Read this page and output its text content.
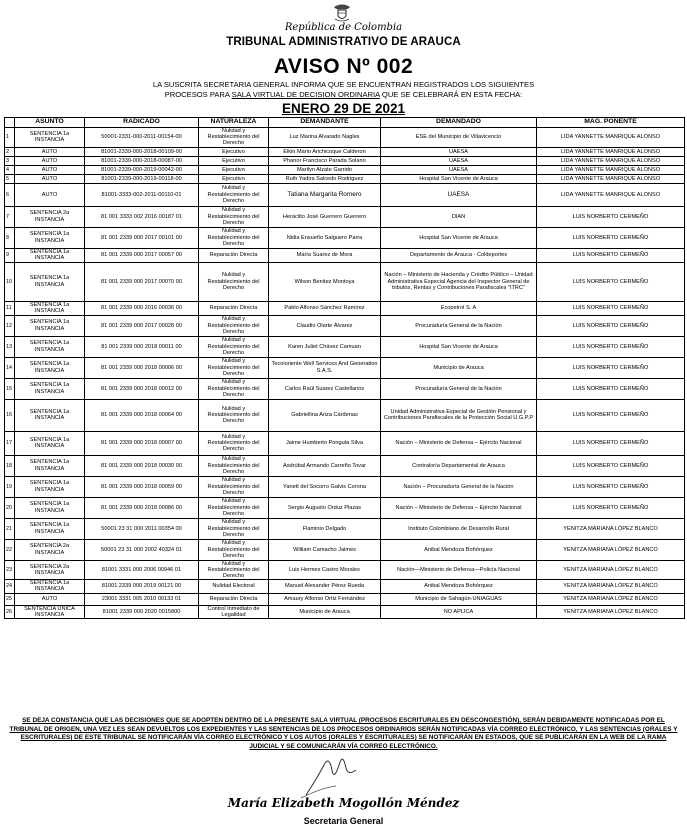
República de Colombia
TRIBUNAL ADMINISTRATIVO DE ARAUCA
AVISO Nº 002
LA SUSCRITA SECRETARIA GENERAL INFORMA QUE SE ENCUENTRAN REGISTRADOS LOS SIGUIENTES
PROCESOS PARA SALA VIRTUAL DE DECISION ORDINARIA QUE SE CELEBRARÁ EN ESTA FECHA:
ENERO 29 DE 2021
	ASUNTO	RADICADO	NATURALEZA	DEMANDANTE	DEMANDADO	MAG. PONENTE
1	SENTENCIA 1a INSTANCIA	50001-2331-000-2011-00154-00	Nulidad y Restablecimiento del Derecho	Luz Marina Alvarado Nagles	ESE del Municipio de Villavicencio	LIDA YANNETTE MANRIQUE ALONSO
2	AUTO	81001-2339-000-2018-00109-00	Ejecutivo	Elkin Mario Anchicoque Calderon	UAESA	LIDA YANNETTE MANRIQUE ALONSO
3	AUTO	81001-2339-000-2018-00087-00	Ejecutivo	Phanor Francisco Parada Solano	UAESA	LIDA YANNETTE MANRIQUE ALONSO
4	AUTO	81001-2339-000-2019-00042-00	Ejecutivo	Marilyn Alzate Garrido	UAESA	LIDA YANNETTE MANRIQUE ALONSO
5	AUTO	81001-2339-000-2019-00118-00	Ejecutivo	Ruth Yadira Salcedo Rodriguez	Hospital San Vicente de Arauca	LIDA YANNETTE MANRIQUE ALONSO
6	AUTO	81001-3333-002-2011-00110-01	Nulidad y Restablecimiento del Derecho	Tatiana Margarita Romero	UAESA	LIDA YANNETTE MANRIQUE ALONSO
7	SENTENCIA 2a INSTANCIA	81 001 3333 002 2016 00187 01	Nulidad y Restablecimiento del Derecho	Heráclito José Guerrero Guerrero	DIAN	LUIS NORBERTO CERMEÑO
8	SENTENCIA 1a INSTANCIA	81 001 2339 000 2017 00101 00	Nulidad y Restablecimiento del Derecho	Nidia Ensueño Salguero Parra	Hospital San Vicente de Arauca	LUIS NORBERTO CERMEÑO
9	SENTENCIA 1a INSTANCIA	81 001 2339 000 2017 00057 00	Reparación Directa	María Suarez de Mora	Departamento de Arauca - Coldeportes	LUIS NORBERTO CERMEÑO
10	SENTENCIA 1a INSTANCIA	81 001 2339 000 2017 00070 00	Nulidad y Restablecimiento del Derecho	Wilson Benitez Montoya	Nación – Ministerio de Hacienda y Crédito Público – Unidad Administrativa Especial Agencia del Inspector General de tributos, Rentas y Contribuciones Parafiscales "ITRC"	LUIS NORBERTO CERMEÑO
11	SENTENCIA 1a INSTANCIA	81 001 2339 000 2016 00036 00	Reparación Directa	Pablo Alfonso Sánchez Ramírez	Ecopetrol S. A	LUIS NORBERTO CERMEÑO
12	SENTENCIA 1a INSTANCIA	81 001 2339 000 2017 00028 00	Nulidad y Restablecimiento del Derecho	Claudio Olarte Álvarez	Procuraduría General de la Nación	LUIS NORBERTO CERMEÑO
13	SENTENCIA 1a INSTANCIA	81 001 2339 000 2018 00011 00	Nulidad y Restablecimiento del Derecho	Karen Juliet Chávez Camuan	Hospital San Vicente de Arauca	LUIS NORBERTO CERMEÑO
14	SENTENCIA 1a INSTANCIA	81 001 2339 000 2018 00006 00	Nulidad y Restablecimiento del Derecho	Tecnioriente Well Services And Generation S.A.S.	Municipio de Arauca	LUIS NORBERTO CERMEÑO
15	SENTENCIA 1a INSTANCIA	81 001 2339 000 2018 00012 00	Nulidad y Restablecimiento del Derecho	Carlos Raúl Suarez Castellanos	Procuraduría General de la Nación	LUIS NORBERTO CERMEÑO
16	SENTENCIA 1a INSTANCIA	81 001 2339 000 2018 00064 00	Nulidad y Restablecimiento del Derecho	Gabriellina Ariza Cárdenas	Unidad Administrativa Especial de Gestión Pensional y Contribuciones Parafiscales de la Protección Social U.G.P.P	LUIS NORBERTO CERMEÑO
17	SENTENCIA 1a INSTANCIA	81 001 2339 000 2018 00007 00	Nulidad y Restablecimiento del Derecho	Jaime Humberto Ponguta Silva	Nación – Ministerio de Defensa – Ejército Nacional	LUIS NORBERTO CERMEÑO
18	SENTENCIA 1a INSTANCIA	81 001 2339 000 2018 00030 00	Nulidad y Restablecimiento del Derecho	Asdrúbal Armando Carreño Tovar	Contraloría Departamental de Arauca	LUIS NORBERTO CERMEÑO
19	SENTENCIA 1a INSTANCIA	81 001 2339 000 2018 00059 00	Nulidad y Restablecimiento del Derecho	Yanett del Socorro Galvis Corona	Nación – Procuraduría General de la Nación	LUIS NORBERTO CERMEÑO
20	SENTENCIA 1a INSTANCIA	81 001 2339 000 2018 00086 00	Nulidad y Restablecimiento del Derecho	Sergio Augusto Orduz Plazas	Nación – Ministerio de Defensa – Ejército Nacional	LUIS NORBERTO CERMEÑO
21	SENTENCIA 1a INSTANCIA	50001 23 31 000 2011 00354 00	Nulidad y Restablecimiento del Derecho	Flaminio Delgado	Instituto Colombiano de Desarrollo Rural	YENITZA MARIANA LÓPEZ BLANCO
22	SENTENCIA 2a INSTANCIA	50001 23 31 000 2002 40324 01	Nulidad y Restablecimiento del Derecho	William Camacho Jaimes	Anibal Mendoza Bohórquez	YENITZA MARIANA LÓPEZ BLANCO
23	SENTENCIA 2a INSTANCIA	81001 3331 000 2006 00946 01	Nulidad y Restablecimiento del Derecho	Luis Hermes Castro Morales	Nación—Ministerio de Defensa—Policía Nacional	YENITZA MARIANA LÓPEZ BLANCO
24	SENTENCIA 1a INSTANCIA	81001 2339 000 2019 00121 00	Nulidad Electoral	Manuel Alexander Pérez Rueda	Anibal Mendoza Bohórquez	YENITZA MARIANA LÓPEZ BLANCO
25	AUTO	23001 3331 005 2010 00133 01	Reparación Directa	Amaury Alfonso Ortiz Fernández	Municipio de Sahagún-UNIAGUAS	YENITZA MARIANA LÓPEZ BLANCO
26	SENTENCIA ÚNICA INSTANCIA	81001 2339 000 2020 0015800	Control Inmediato de Legalidad	Municipio de Arauca	NO APLICA	YENITZA MARIANA LÓPEZ BLANCO
SE DEJA CONSTANCIA QUE LAS DECISIONES QUE SE ADOPTEN DENTRO DE LA PRESENTE SALA VIRTUAL (PROCESOS ESCRITURALES EN DESCONGESTIÓN), SERÁN DEBIDAMENTE NOTIFICADAS POR EL TRIBUNAL DE ORIGEN, UNA VEZ LES SEAN DEVUELTOS LOS EXPEDIENTES Y LAS SENTENCIAS DE LOS PROCESOS ORDINARIOS SERÁN NOTIFICADAS VÍA CORREO ELECTRÓNICO, Y LAS SENTENCIAS (ORALES Y ESCRITURALES) DE ESTE TRIBUNAL SE NOTIFICARÁN VÍA CORREO ELECTRÓNICO Y LOS AUTOS (ORALES Y ESCRITURALES) SE NOTIFICARÁN EN ESTADOS, QUE SE PUBLICARÁN EN LA WEB DE LA RAMA JUDICIAL Y SE COMUNICARÁN VÍA CORREO ELECTRÓNICO.
María Elizabeth Mogollón Méndez
Secretaria General
